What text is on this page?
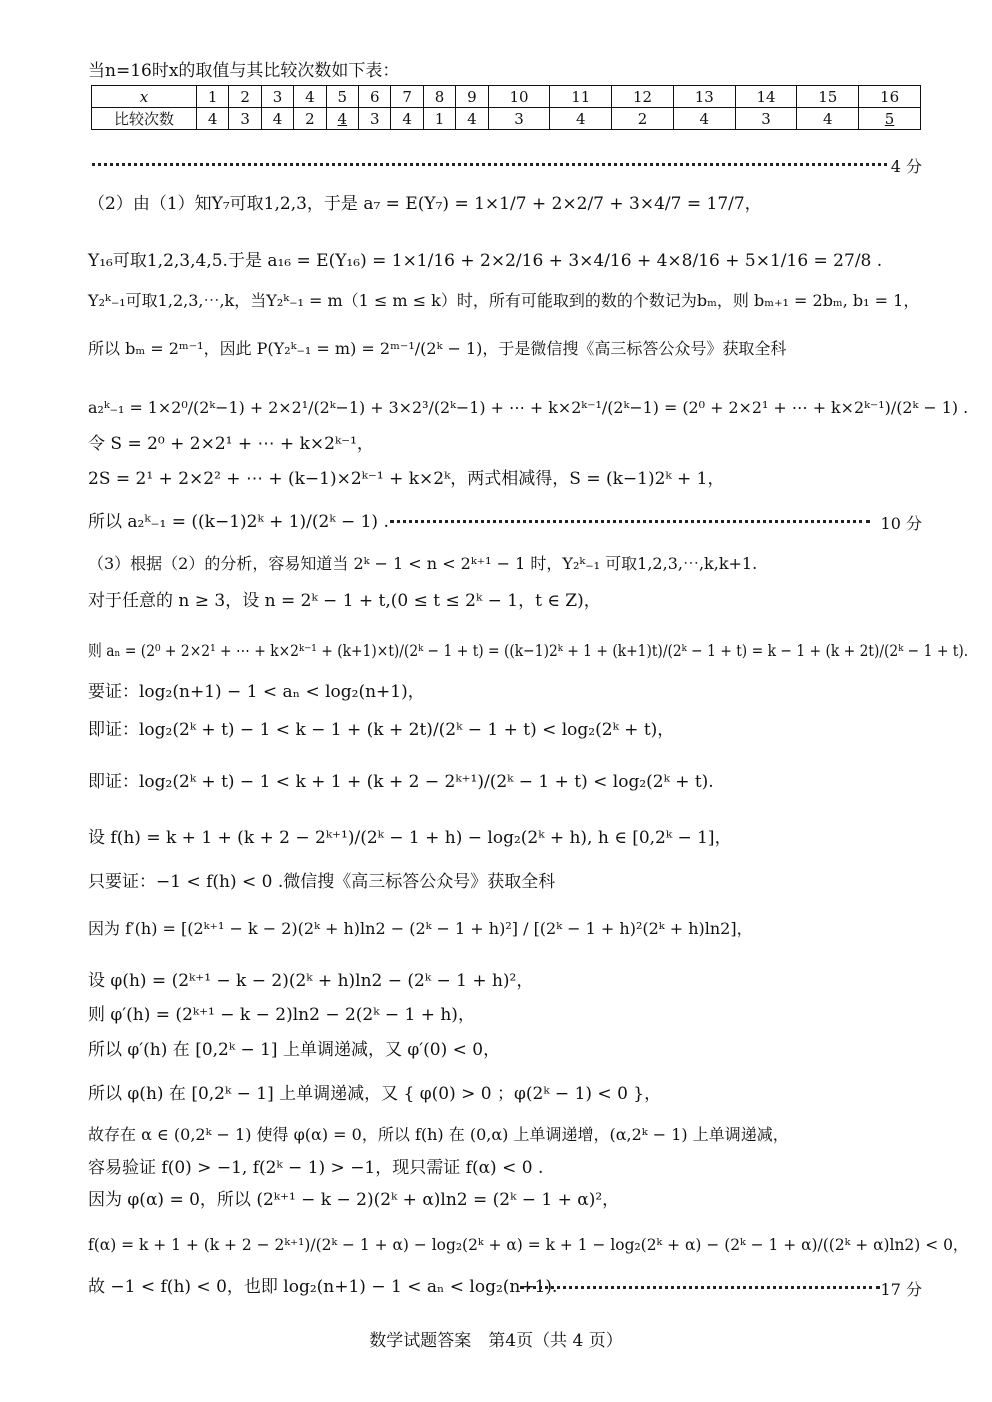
当n=16时x的取值与其比较次数如下表：
x	1	2	3	4	5	6	7	8	9	10	11	12	13	14	15	16
比较次数	4	3	4	2	4	3	4	1	4	3	4	2	4	3	4	5
4 分
（2）由（1）知Y₇可取1,2,3，于是 a₇ = E(Y₇) = 1×1/7 + 2×2/7 + 3×4/7 = 17/7，
Y₁₆可取1,2,3,4,5.于是 a₁₆ = E(Y₁₆) = 1×1/16 + 2×2/16 + 3×4/16 + 4×8/16 + 5×1/16 = 27/8 .
Y₂ᵏ₋₁可取1,2,3,⋯,k，当Y₂ᵏ₋₁ = m（1 ≤ m ≤ k）时，所有可能取到的数的个数记为bₘ，则 bₘ₊₁ = 2bₘ, b₁ = 1，
所以 bₘ = 2ᵐ⁻¹，因此 P(Y₂ᵏ₋₁ = m) = 2ᵐ⁻¹/(2ᵏ − 1)，于是微信搜《高三标答公众号》获取全科
a₂ᵏ₋₁ = 1×2⁰/(2ᵏ−1) + 2×2¹/(2ᵏ−1) + 3×2³/(2ᵏ−1) + ⋯ + k×2ᵏ⁻¹/(2ᵏ−1) = (2⁰ + 2×2¹ + ⋯ + k×2ᵏ⁻¹)/(2ᵏ − 1) .
令 S = 2⁰ + 2×2¹ + ⋯ + k×2ᵏ⁻¹，
2S = 2¹ + 2×2² + ⋯ + (k−1)×2ᵏ⁻¹ + k×2ᵏ，两式相减得，S = (k−1)2ᵏ + 1，
所以 a₂ᵏ₋₁ = ((k−1)2ᵏ + 1)/(2ᵏ − 1) .	10 分
（3）根据（2）的分析，容易知道当 2ᵏ − 1 < n < 2ᵏ⁺¹ − 1 时，Y₂ᵏ₋₁ 可取1,2,3,⋯,k,k+1.
对于任意的 n ≥ 3，设 n = 2ᵏ − 1 + t,(0 ≤ t ≤ 2ᵏ − 1，t ∈ Z)，
则 aₙ = (2⁰ + 2×2¹ + ⋯ + k×2ᵏ⁻¹ + (k+1)×t)/(2ᵏ − 1 + t) = ((k−1)2ᵏ + 1 + (k+1)t)/(2ᵏ − 1 + t) = k − 1 + (k + 2t)/(2ᵏ − 1 + t).
要证：log₂(n+1) − 1 < aₙ < log₂(n+1)，
即证：log₂(2ᵏ + t) − 1 < k − 1 + (k + 2t)/(2ᵏ − 1 + t) < log₂(2ᵏ + t)，
即证：log₂(2ᵏ + t) − 1 < k + 1 + (k + 2 − 2ᵏ⁺¹)/(2ᵏ − 1 + t) < log₂(2ᵏ + t).
设 f(h) = k + 1 + (k + 2 − 2ᵏ⁺¹)/(2ᵏ − 1 + h) − log₂(2ᵏ + h), h ∈ [0,2ᵏ − 1]，
只要证：−1 < f(h) < 0 .微信搜《高三标答公众号》获取全科
因为 f′(h) = [(2ᵏ⁺¹ − k − 2)(2ᵏ + h)ln2 − (2ᵏ − 1 + h)²] / [(2ᵏ − 1 + h)²(2ᵏ + h)ln2]，
设 φ(h) = (2ᵏ⁺¹ − k − 2)(2ᵏ + h)ln2 − (2ᵏ − 1 + h)²，
则 φ′(h) = (2ᵏ⁺¹ − k − 2)ln2 − 2(2ᵏ − 1 + h)，
所以 φ′(h) 在 [0,2ᵏ − 1] 上单调递减，又 φ′(0) < 0，
所以 φ(h) 在 [0,2ᵏ − 1] 上单调递减，又 { φ(0) > 0 ；φ(2ᵏ − 1) < 0 }，
故存在 α ∈ (0,2ᵏ − 1) 使得 φ(α) = 0，所以 f(h) 在 (0,α) 上单调递增，(α,2ᵏ − 1) 上单调递减，
容易验证 f(0) > −1, f(2ᵏ − 1) > −1，现只需证 f(α) < 0 .
因为 φ(α) = 0，所以 (2ᵏ⁺¹ − k − 2)(2ᵏ + α)ln2 = (2ᵏ − 1 + α)²，
f(α) = k + 1 + (k + 2 − 2ᵏ⁺¹)/(2ᵏ − 1 + α) − log₂(2ᵏ + α) = k + 1 − log₂(2ᵏ + α) − (2ᵏ − 1 + α)/((2ᵏ + α)ln2) < 0，
故 −1 < f(h) < 0，也即 log₂(n+1) − 1 < aₙ < log₂(n+1).	17 分
数学试题答案　第4页（共 4 页）
